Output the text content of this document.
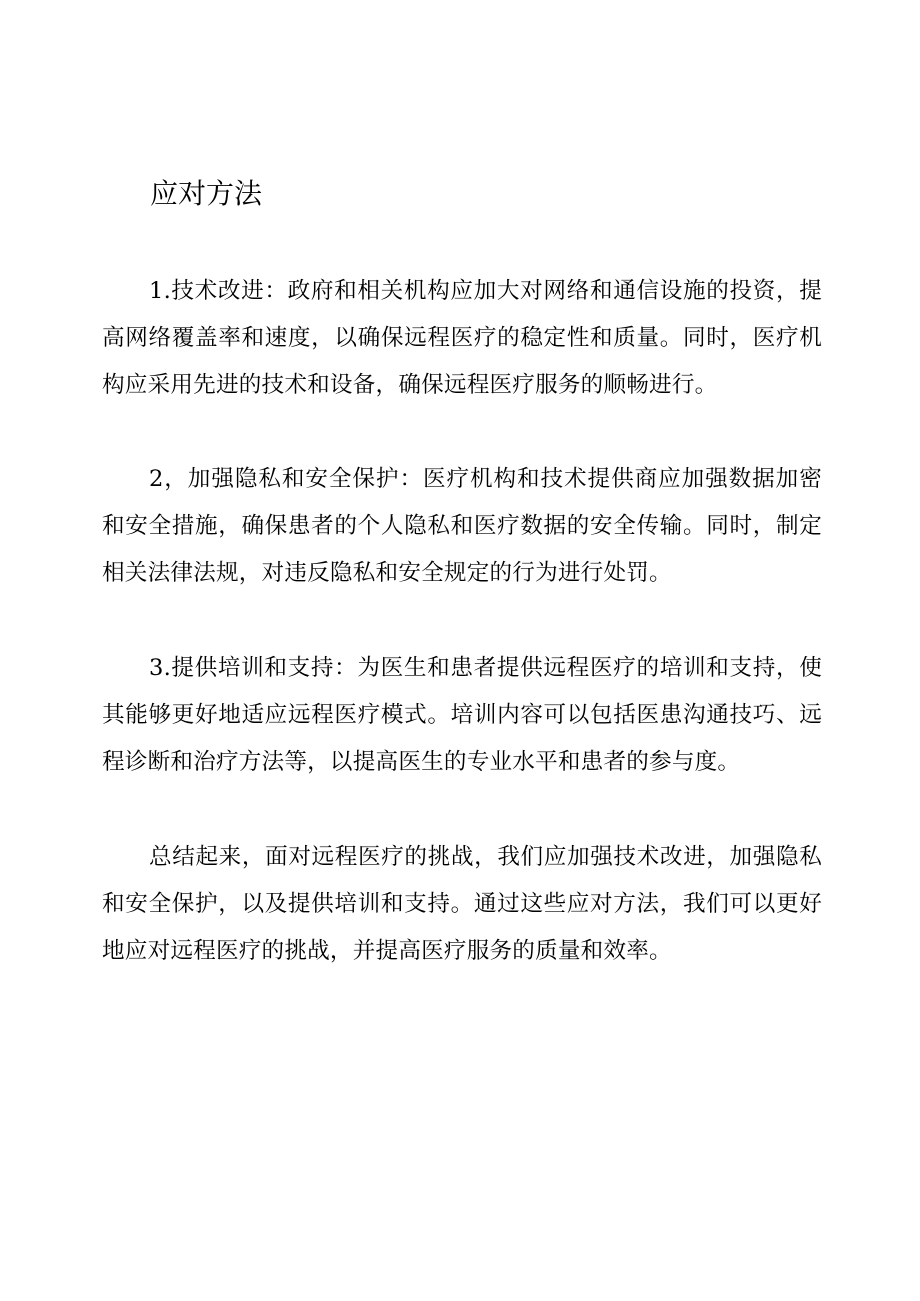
应对方法

1.技术改进：政府和相关机构应加大对网络和通信设施的投资，提高网络覆盖率和速度，以确保远程医疗的稳定性和质量。同时，医疗机构应采用先进的技术和设备，确保远程医疗服务的顺畅进行。

2，加强隐私和安全保护：医疗机构和技术提供商应加强数据加密和安全措施，确保患者的个人隐私和医疗数据的安全传输。同时，制定相关法律法规，对违反隐私和安全规定的行为进行处罚。

3.提供培训和支持：为医生和患者提供远程医疗的培训和支持，使其能够更好地适应远程医疗模式。培训内容可以包括医患沟通技巧、远程诊断和治疗方法等，以提高医生的专业水平和患者的参与度。

总结起来，面对远程医疗的挑战，我们应加强技术改进，加强隐私和安全保护，以及提供培训和支持。通过这些应对方法，我们可以更好地应对远程医疗的挑战，并提高医疗服务的质量和效率。
